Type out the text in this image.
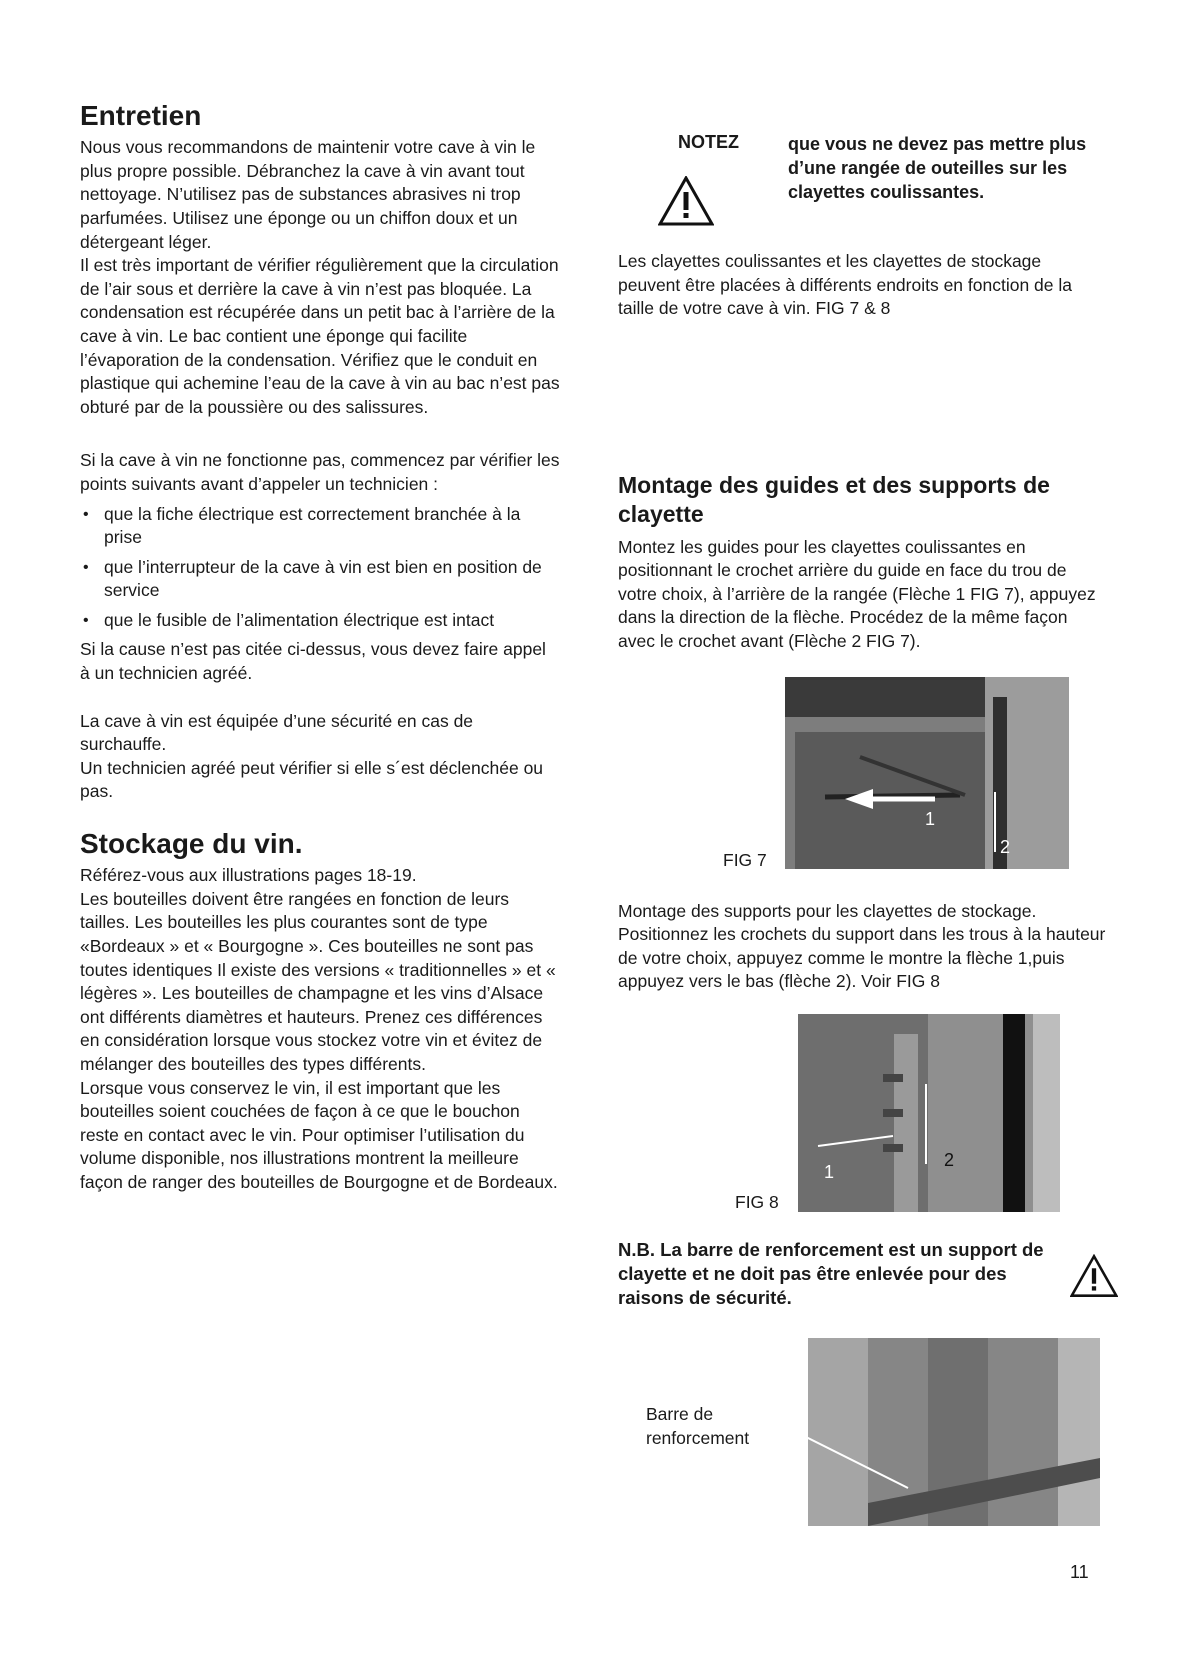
Entretien

Nous vous recommandons de maintenir votre cave à vin le plus propre possible. Débranchez la cave à vin avant tout nettoyage. N’utilisez pas de substances abrasives ni trop parfumées. Utilisez une éponge ou un chiffon doux et un détergeant léger.

Il est très important de vérifier régulièrement que la circulation de l’air sous et derrière la cave à vin n’est pas bloquée. La condensation est récupérée dans un petit bac à l’arrière de la cave à vin. Le bac contient une éponge qui facilite l’évaporation de la condensation. Vérifiez que le conduit en plastique qui achemine l’eau de la cave à vin au bac n’est pas obturé par de la poussière ou des salissures.

Si la cave à vin ne fonctionne pas, commencez par vérifier les points suivants avant d’appeler un technicien :

• que la fiche électrique est correctement branchée à la prise
• que l’interrupteur de la cave à vin est bien en position de service
• que le fusible de l’alimentation électrique est intact

Si la cause n’est pas citée ci-dessus, vous devez faire appel à un technicien agréé.

La cave à vin est équipée d’une sécurité en cas de surchauffe.

Un technicien agréé peut vérifier si elle s´est déclenchée ou pas.

Stockage du vin.

Référez-vous aux illustrations pages 18-19.

Les bouteilles doivent être rangées en fonction de leurs tailles. Les bouteilles les plus courantes sont de type «Bordeaux » et « Bourgogne ». Ces bouteilles ne sont pas toutes identiques Il existe des versions « traditionnelles » et « légères ». Les bouteilles de champagne et les vins d’Alsace ont différents diamètres et hauteurs. Prenez ces différences en considération lorsque vous stockez votre vin et évitez de mélanger des bouteilles des types différents.

Lorsque vous conservez le vin, il est important que les bouteilles soient couchées de façon à ce que le bouchon reste en contact avec le vin. Pour optimiser l’utilisation du volume disponible, nos illustrations montrent la meilleure façon de ranger des bouteilles de Bourgogne et de Bordeaux.

NOTEZ	que vous ne devez pas mettre plus d’une rangée de outeilles sur les clayettes coulissantes.

Les clayettes coulissantes et les clayettes de stockage peuvent être placées à différents endroits en fonction de la taille de votre cave à vin. FIG 7 & 8

Montage des guides et des supports de clayette

Montez les guides pour les clayettes coulissantes en positionnant le crochet arrière du guide en face du trou de votre choix, à l’arrière de la rangée (Flèche 1 FIG 7), appuyez dans la direction de la flèche. Procédez de la même façon avec le crochet avant (Flèche 2 FIG 7).

FIG 7
1
2

Montage des supports pour les clayettes de stockage.

Positionnez les crochets du support dans les trous à la hauteur de votre choix, appuyez comme le montre la flèche 1,puis appuyez vers le bas (flèche 2). Voir FIG 8

FIG 8
1
2

N.B. La barre de renforcement est un support de clayette et ne doit pas être enlevée pour des raisons de sécurité.

Barre de
renforcement
11
